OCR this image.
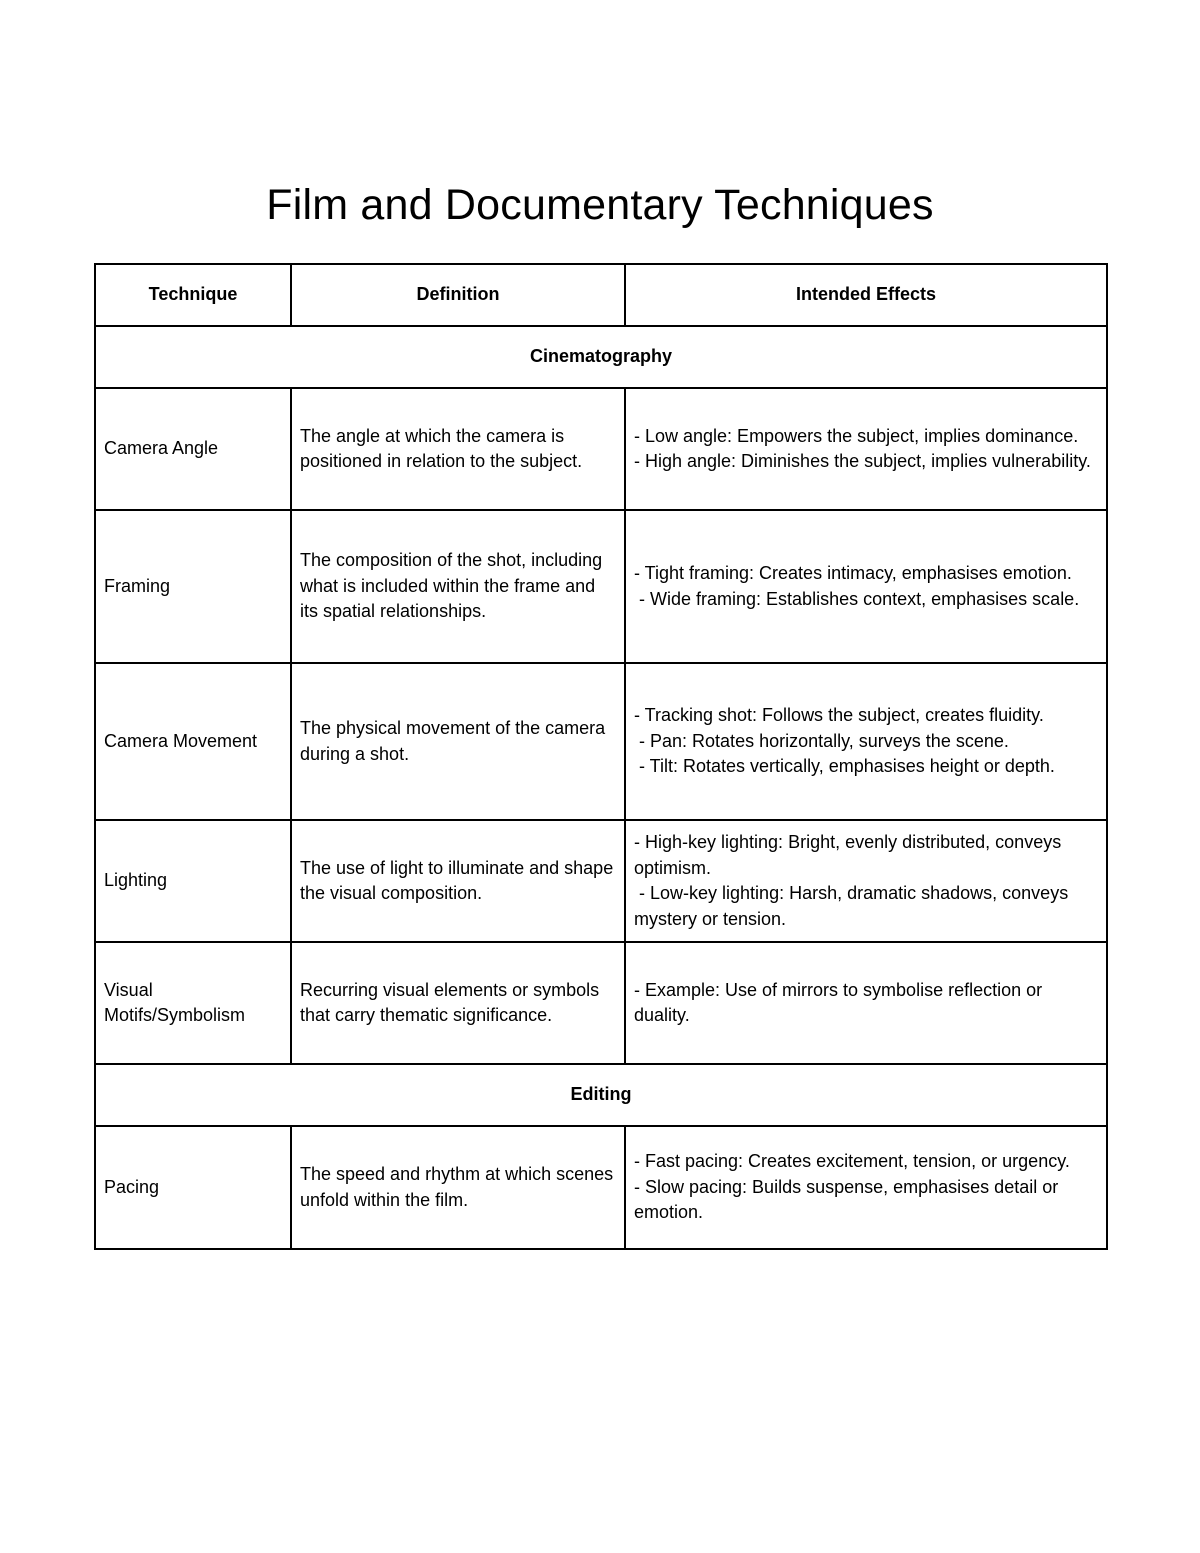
Film and Documentary Techniques
Technique	Definition	Intended Effects
Cinematography		
Camera Angle	The angle at which the camera is positioned in relation to the subject.	- Low angle: Empowers the subject, implies dominance.
- High angle: Diminishes the subject, implies vulnerability.

Framing	The composition of the shot, including what is included within the frame and its spatial relationships.	- Tight framing: Creates intimacy, emphasises emotion.
- Wide framing: Establishes context, emphasises scale.

Camera Movement	The physical movement of the camera during a shot.	- Tracking shot: Follows the subject, creates fluidity.
- Pan: Rotates horizontally, surveys the scene.
- Tilt: Rotates vertically, emphasises height or depth.

Lighting	The use of light to illuminate and shape the visual composition.	- High-key lighting: Bright, evenly distributed, conveys optimism.
- Low-key lighting: Harsh, dramatic shadows, conveys mystery or tension.

Visual Motifs/Symbolism	Recurring visual elements or symbols that carry thematic significance.	- Example: Use of mirrors to symbolise reflection or duality.

Editing		
Pacing	The speed and rhythm at which scenes unfold within the film.	- Fast pacing: Creates excitement, tension, or urgency.
- Slow pacing: Builds suspense, emphasises detail or emotion.
